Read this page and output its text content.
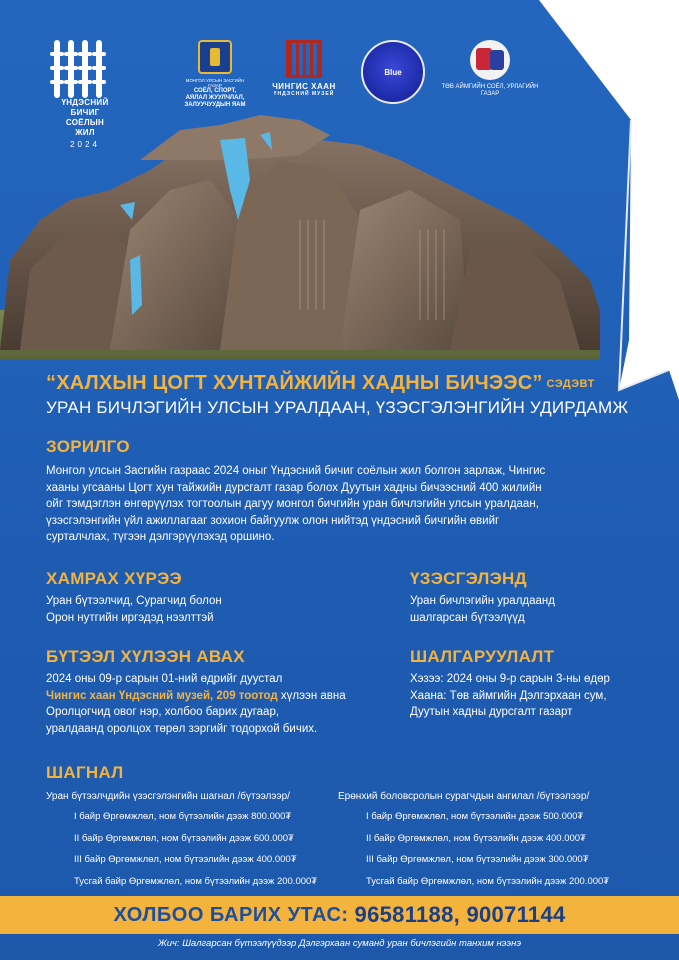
ҮНДЭСНИЙ
БИЧИГ
СОЁЛЫН
ЖИЛ
2024
МОНГОЛ УЛСЫН ЗАСГИЙН ГАЗАР
СОЁЛ, СПОРТ, АЯЛАЛ ЖУУЛЧЛАЛ, ЗАЛУУЧУУДЫН ЯАМ
ЧИНГИС ХААН
ҮНДЭСНИЙ МУЗЕЙ
Blue
ТӨВ АЙМГИЙН СОЁЛ, УРЛАГИЙН ГАЗАР
“ХАЛХЫН ЦОГТ ХУНТАЙЖИЙН ХАДНЫ БИЧЭЭС” СЭДЭВТ
УРАН БИЧЛЭГИЙН УЛСЫН УРАЛДААН, ҮЗЭСГЭЛЭНГИЙН УДИРДАМЖ
ЗОРИЛГО
Монгол улсын Засгийн газраас 2024 оныг Үндэсний бичиг соёлын жил болгон зарлаж, Чингис
хааны угсааны Цогт хун тайжийн дурсгалт газар болох Дуутын хадны бичээсний 400 жилийн
ойг тэмдэглэн өнгөрүүлэх тогтоолын дагуу монгол бичгийн уран бичлэгийн улсын уралдаан,
үзэсгэлэнгийн үйл ажиллагааг зохион байгуулж олон нийтэд үндэсний бичгийн өвийг
сурталчлах, түгээн дэлгэрүүлэхэд оршино.
ХАМРАХ ХҮРЭЭ
Уран бүтээлчид, Сурагчид болон
Орон нутгийн иргэдэд нээлттэй
ҮЗЭСГЭЛЭНД
Уран бичлэгийн уралдаанд
шалгарсан бүтээлүүд
БҮТЭЭЛ ХҮЛЭЭН АВАХ
2024 оны 09-р сарын 01-ний өдрийг дуустал
Чингис хаан Үндэсний музей, 209 тоотод хүлээн авна
Оролцогчид овог нэр, холбоо барих дугаар,
уралдаанд оролцох төрөл зэргийг тодорхой бичих.
ШАЛГАРУУЛАЛТ
Хэзээ: 2024 оны 9-р сарын 3-ны өдөр
Хаана: Төв аймгийн Дэлгэрхаан сум,
Дуутын хадны дурсгалт газарт
ШАГНАЛ
Уран бүтээлчдийн үзэсгэлэнгийн шагнал /бүтээлээр/
I байр Өргөмжлөл, ном бүтээлийн дээж 800.000₮
II байр Өргөмжлөл, ном бүтээлийн дээж 600.000₮
III байр Өргөмжлөл, ном бүтээлийн дээж 400.000₮
Тусгай байр Өргөмжлөл, ном бүтээлийн дээж 200.000₮
Ерөнхий боловсролын сурагчдын ангилал /бүтээлээр/
I байр Өргөмжлөл, ном бүтээлийн дээж 500.000₮
II байр Өргөмжлөл, ном бүтээлийн дээж 400.000₮
III байр Өргөмжлөл, ном бүтээлийн дээж 300.000₮
Тусгай байр Өргөмжлөл, ном бүтээлийн дээж 200.000₮
ХОЛБОО БАРИХ УТАС: 96581188, 90071144
Жич: Шалгарсан бүтээлүүдээр Дэлгэрхаан суманд уран бичлэгийн танхим нээнэ
